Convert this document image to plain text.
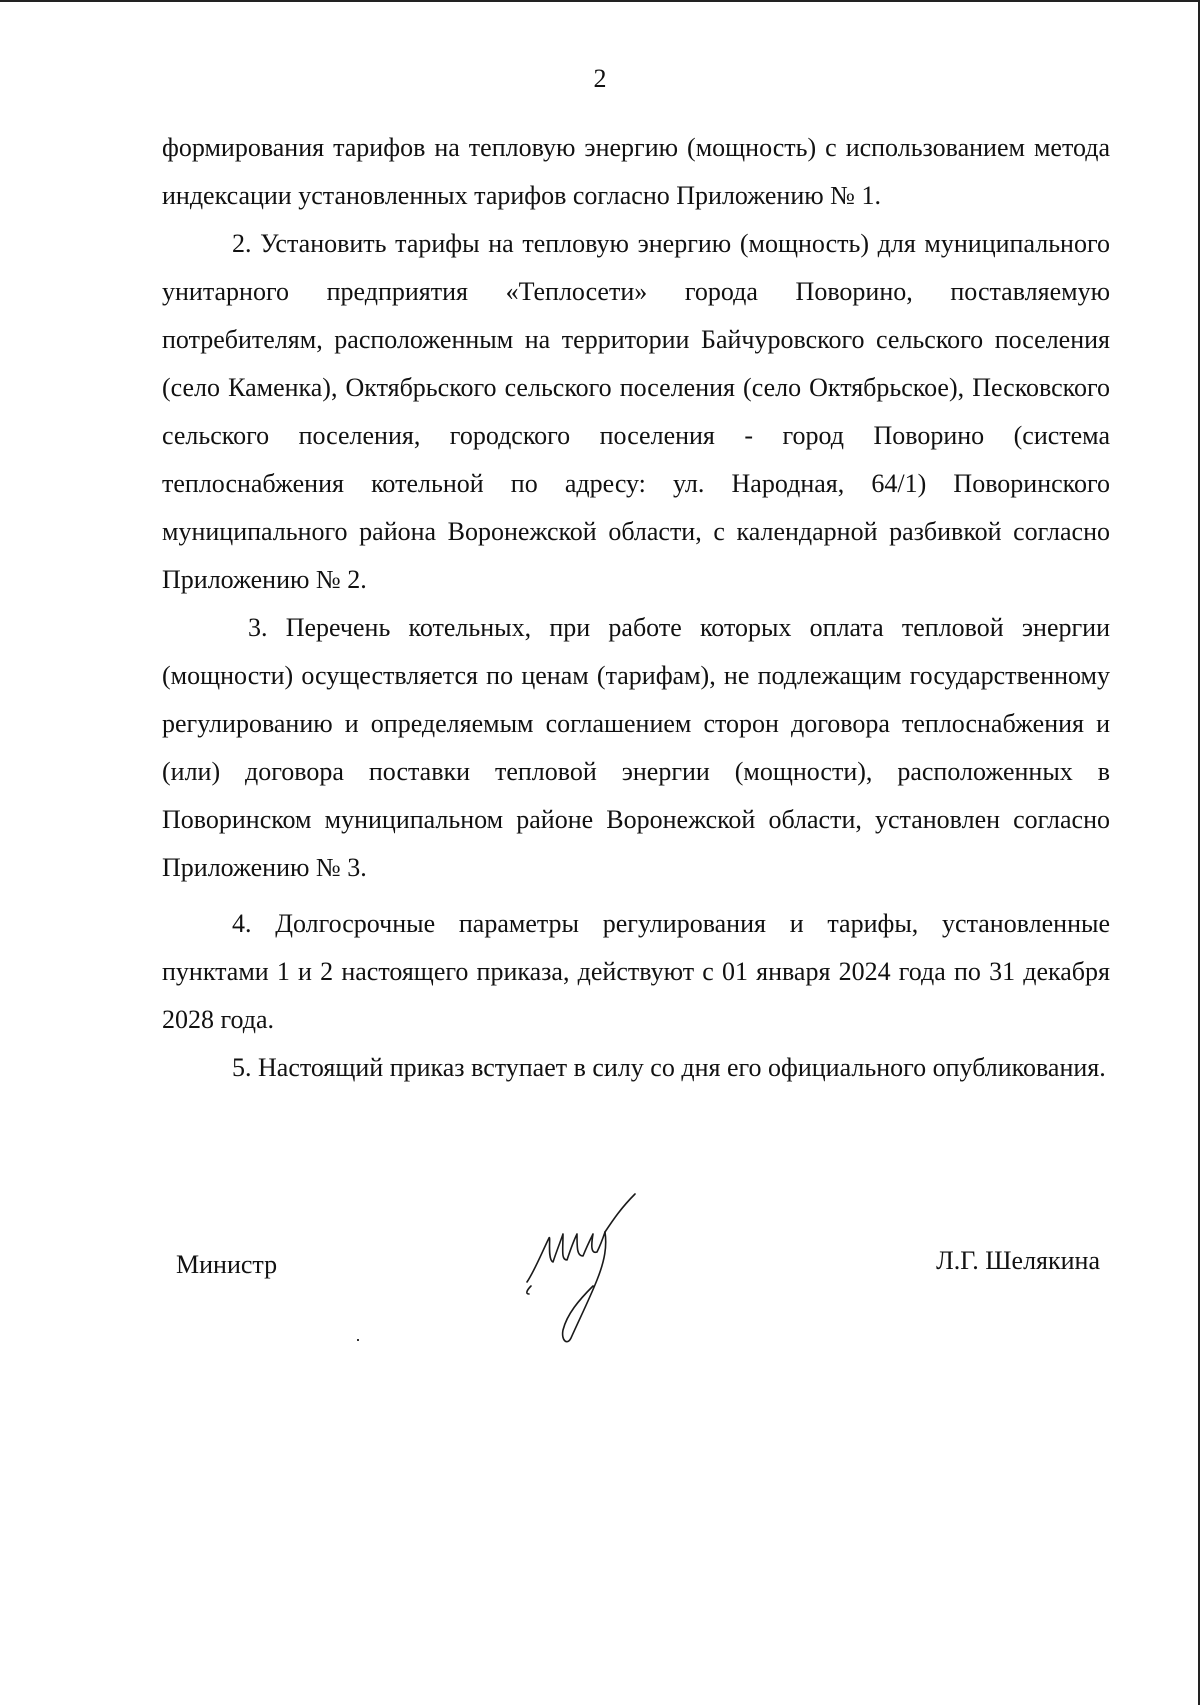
2

формирования тарифов на тепловую энергию (мощность) с использованием метода индексации установленных тарифов согласно Приложению № 1.

2. Установить тарифы на тепловую энергию (мощность) для муниципального унитарного предприятия «Теплосети» города Поворино, поставляемую потребителям, расположенным на территории Байчуровского сельского поселения (село Каменка), Октябрьского сельского поселения (село Октябрьское), Песковского сельского поселения, городского поселения - город Поворино (система теплоснабжения котельной по адресу: ул. Народная, 64/1) Поворинского муниципального района Воронежской области, с календарной разбивкой согласно Приложению № 2.

3. Перечень котельных, при работе которых оплата тепловой энергии (мощности) осуществляется по ценам (тарифам), не подлежащим государственному регулированию и определяемым соглашением сторон договора теплоснабжения и (или) договора поставки тепловой энергии (мощности), расположенных в Поворинском муниципальном районе Воронежской области, установлен согласно Приложению № 3.

4. Долгосрочные параметры регулирования и тарифы, установленные пунктами 1 и 2 настоящего приказа, действуют с 01 января 2024 года по 31 декабря 2028 года.

5. Настоящий приказ вступает в силу со дня его официального опубликования.

Министр	Л.Г. Шелякина
